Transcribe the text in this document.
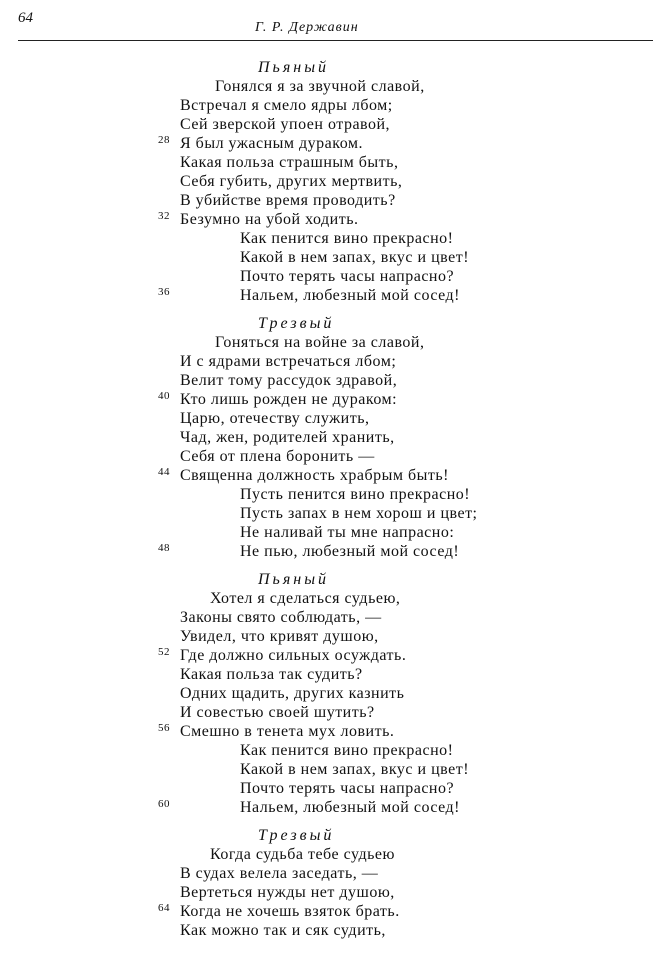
64
Г. Р. Державин
Пьяный
Гонялся я за звучной славой,
Встречал я смело ядры лбом;
Сей зверской упоен отравой,
Я был ужасным дураком.
28
Какая польза страшным быть,
Себя губить, других мертвить,
В убийстве время проводить?
Безумно на убой ходить.
32
Как пенится вино прекрасно!
Какой в нем запах, вкус и цвет!
Почто терять часы напрасно?
Нальем, любезный мой сосед!
36
Трезвый
Гоняться на войне за славой,
И с ядрами встречаться лбом;
Велит тому рассудок здравой,
Кто лишь рожден не дураком:
40
Царю, отечеству служить,
Чад, жен, родителей хранить,
Себя от плена боронить —
Священна должность храбрым быть!
44
Пусть пенится вино прекрасно!
Пусть запах в нем хорош и цвет;
Не наливай ты мне напрасно:
Не пью, любезный мой сосед!
48
Пьяный
Хотел я сделаться судьею,
Законы свято соблюдать, —
Увидел, что кривят душою,
Где должно сильных осуждать.
52
Какая польза так судить?
Одних щадить, других казнить
И совестью своей шутить?
Смешно в тенета мух ловить.
56
Как пенится вино прекрасно!
Какой в нем запах, вкус и цвет!
Почто терять часы напрасно?
Нальем, любезный мой сосед!
60
Трезвый
Когда судьба тебе судьею
В судах велела заседать, —
Вертеться нужды нет душою,
Когда не хочешь взяток брать.
64
Как можно так и сяк судить,
